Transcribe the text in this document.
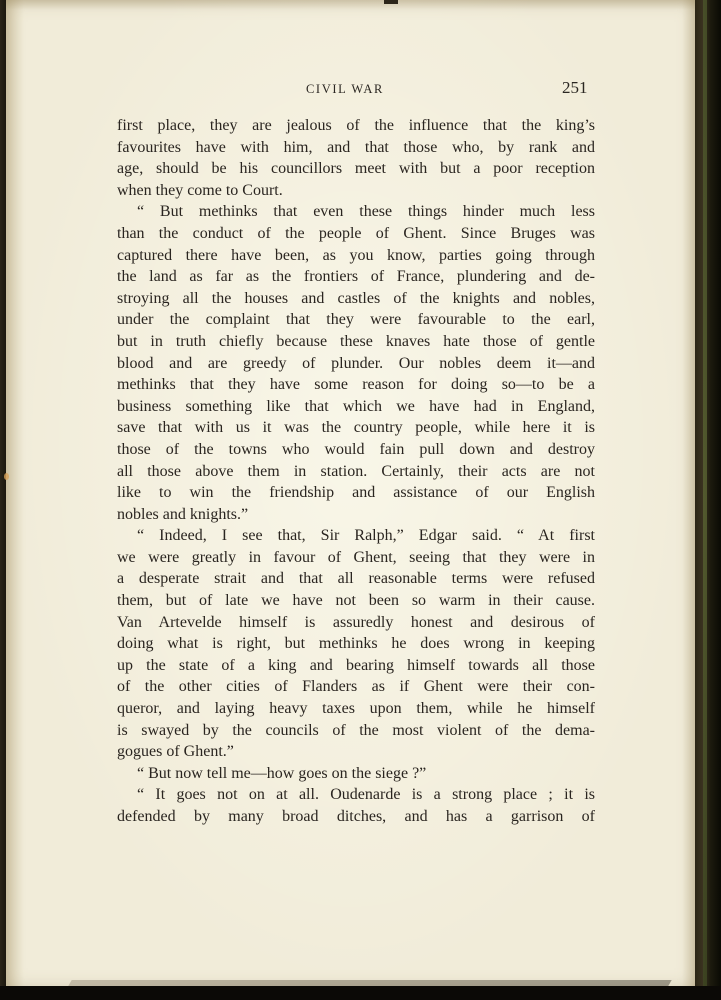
CIVIL WAR	251
first place, they are jealous of the influence that the king’s
favourites have with him, and that those who, by rank and
age, should be his councillors meet with but a poor reception
when they come to Court.
“ But methinks that even these things hinder much less
than the conduct of the people of Ghent. Since Bruges was
captured there have been, as you know, parties going through
the land as far as the frontiers of France, plundering and de-
stroying all the houses and castles of the knights and nobles,
under the complaint that they were favourable to the earl,
but in truth chiefly because these knaves hate those of gentle
blood and are greedy of plunder. Our nobles deem it—and
methinks that they have some reason for doing so—to be a
business something like that which we have had in England,
save that with us it was the country people, while here it is
those of the towns who would fain pull down and destroy
all those above them in station. Certainly, their acts are not
like to win the friendship and assistance of our English
nobles and knights.”
“ Indeed, I see that, Sir Ralph,” Edgar said. “ At first
we were greatly in favour of Ghent, seeing that they were in
a desperate strait and that all reasonable terms were refused
them, but of late we have not been so warm in their cause.
Van Artevelde himself is assuredly honest and desirous of
doing what is right, but methinks he does wrong in keeping
up the state of a king and bearing himself towards all those
of the other cities of Flanders as if Ghent were their con-
queror, and laying heavy taxes upon them, while he himself
is swayed by the councils of the most violent of the dema-
gogues of Ghent.”
“ But now tell me—how goes on the siege ?”
“ It goes not on at all. Oudenarde is a strong place ; it is
defended by many broad ditches, and has a garrison of
